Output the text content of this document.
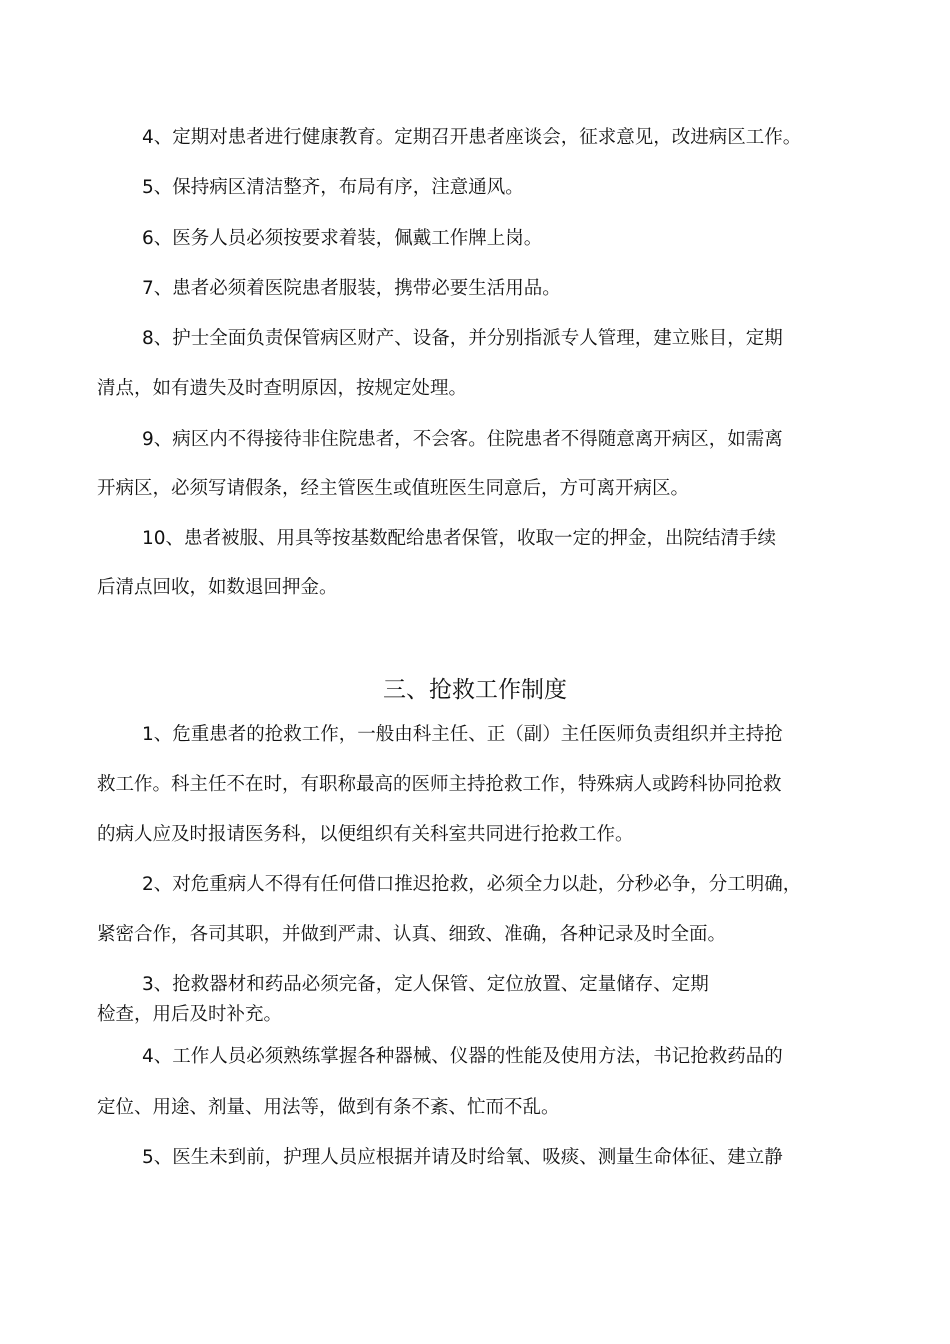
4、定期对患者进行健康教育。定期召开患者座谈会，征求意见，改进病区工作。
5、保持病区清洁整齐，布局有序，注意通风。
6、医务人员必须按要求着装，佩戴工作牌上岗。
7、患者必须着医院患者服装，携带必要生活用品。
8、护士全面负责保管病区财产、设备，并分别指派专人管理，建立账目，定期
清点，如有遗失及时查明原因，按规定处理。
9、病区内不得接待非住院患者，不会客。住院患者不得随意离开病区，如需离
开病区，必须写请假条，经主管医生或值班医生同意后，方可离开病区。
10、患者被服、用具等按基数配给患者保管，收取一定的押金，出院结清手续
后清点回收，如数退回押金。
三、抢救工作制度
1、危重患者的抢救工作，一般由科主任、正（副）主任医师负责组织并主持抢
救工作。科主任不在时，有职称最高的医师主持抢救工作，特殊病人或跨科协同抢救
的病人应及时报请医务科，以便组织有关科室共同进行抢救工作。
2、对危重病人不得有任何借口推迟抢救，必须全力以赴，分秒必争，分工明确，
紧密合作，各司其职，并做到严肃、认真、细致、准确，各种记录及时全面。
3、抢救器材和药品必须完备，定人保管、定位放置、定量储存、定期
检查，用后及时补充。
4、工作人员必须熟练掌握各种器械、仪器的性能及使用方法，书记抢救药品的
定位、用途、剂量、用法等，做到有条不紊、忙而不乱。
5、医生未到前，护理人员应根据并请及时给氧、吸痰、测量生命体征、建立静
